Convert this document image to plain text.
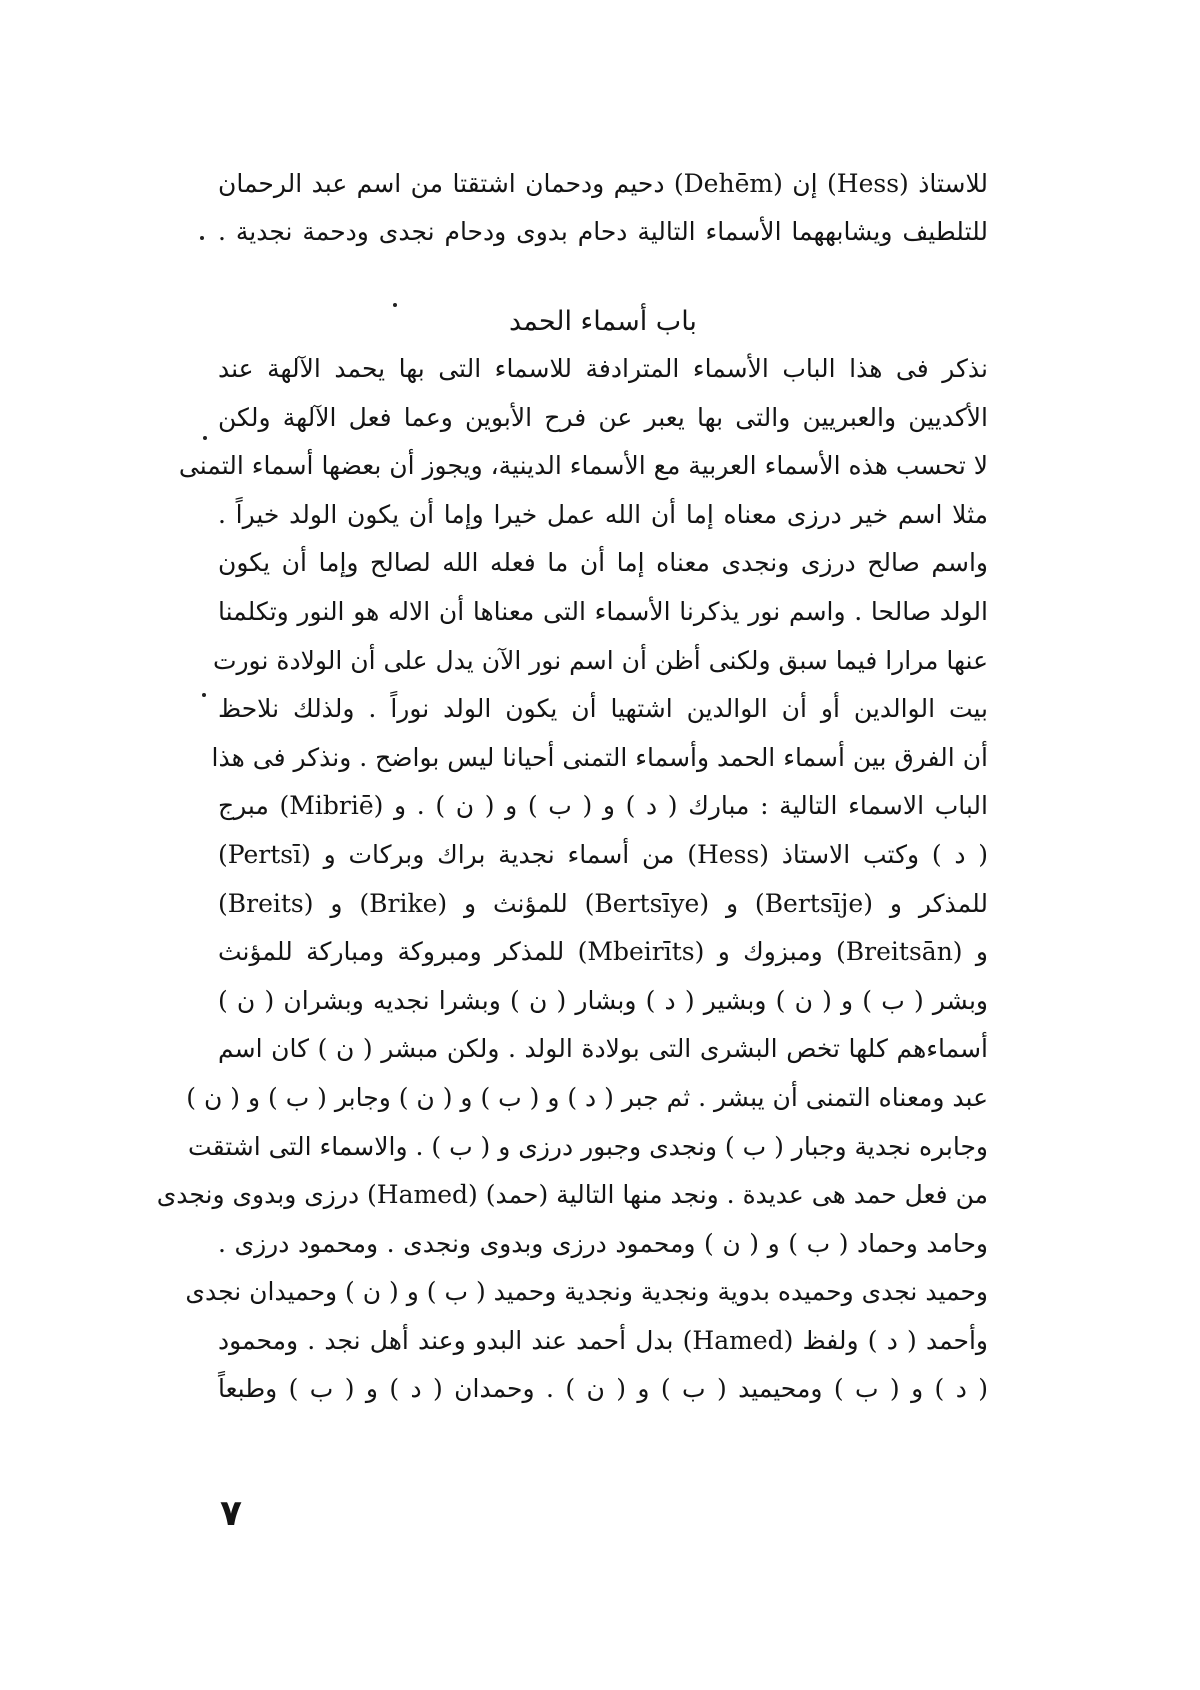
للاستاذ (Hess) إن (Dehēm) دحيم ودحمان اشتقتا من اسم عبد الرحمان
للتلطيف ويشابههما الأسماء التالية دحام بدوى ودحام نجدى ودحمة نجدية .
باب أسماء الحمد
نذكر فى هذا الباب الأسماء المترادفة للاسماء التى بها يحمد الآلهة عند
الأكديين والعبريين والتى بها يعبر عن فرح الأبوين وعما فعل الآلهة ولكن
لا تحسب هذه الأسماء العربية مع الأسماء الدينية، ويجوز أن بعضها أسماء التمنى
مثلا اسم خير درزى معناه إما أن الله عمل خيرا وإما أن يكون الولد خيراً .
واسم صالح درزى ونجدى معناه إما أن ما فعله الله لصالح وإما أن يكون
الولد صالحا . واسم نور يذكرنا الأسماء التى معناها أن الاله هو النور وتكلمنا
عنها مرارا فيما سبق ولكنى أظن أن اسم نور الآن يدل على أن الولادة نورت
بيت الوالدين أو أن الوالدين اشتهيا أن يكون الولد نوراً . ولذلك نلاحظ
أن الفرق بين أسماء الحمد وأسماء التمنى أحيانا ليس بواضح . ونذكر فى هذا
الباب الاسماء التالية : مبارك ( د ) و ( ب ) و ( ن ) . و (Mibriē) مبرج
( د ) وكتب الاستاذ (Hess) من أسماء نجدية براك وبركات و (Pertsī)
للمذكر و (Bertsīje) و (Bertsīye) للمؤنث و (Brike) و (Breits)
و (Breitsān) ومبزوك و (Mbeirīts) للمذكر ومبروكة ومباركة للمؤنث
وبشر ( ب ) و ( ن ) وبشير ( د ) وبشار ( ن ) وبشرا نجديه وبشران ( ن )
أسماءهم كلها تخص البشرى التى بولادة الولد . ولكن مبشر ( ن ) كان اسم
عبد ومعناه التمنى أن يبشر . ثم جبر ( د ) و ( ب ) و ( ن ) وجابر ( ب ) و ( ن )
وجابره نجدية وجبار ( ب ) ونجدى وجبور درزى و ( ب ) . والاسماء التى اشتقت
من فعل حمد هى عديدة . ونجد منها التالية (حمد) (Hamed) درزى وبدوى ونجدى
وحامد وحماد ( ب ) و ( ن ) ومحمود درزى وبدوى ونجدى . ومحمود درزى .
وحميد نجدى وحميده بدوية ونجدية ونجدية وحميد ( ب ) و ( ن ) وحميدان نجدى
وأحمد ( د ) ولفظ (Hamed) بدل أحمد عند البدو وعند أهل نجد . ومحمود
( د ) و ( ب ) ومحيميد ( ب ) و ( ن ) . وحمدان ( د ) و ( ب ) وطبعاً
٧
